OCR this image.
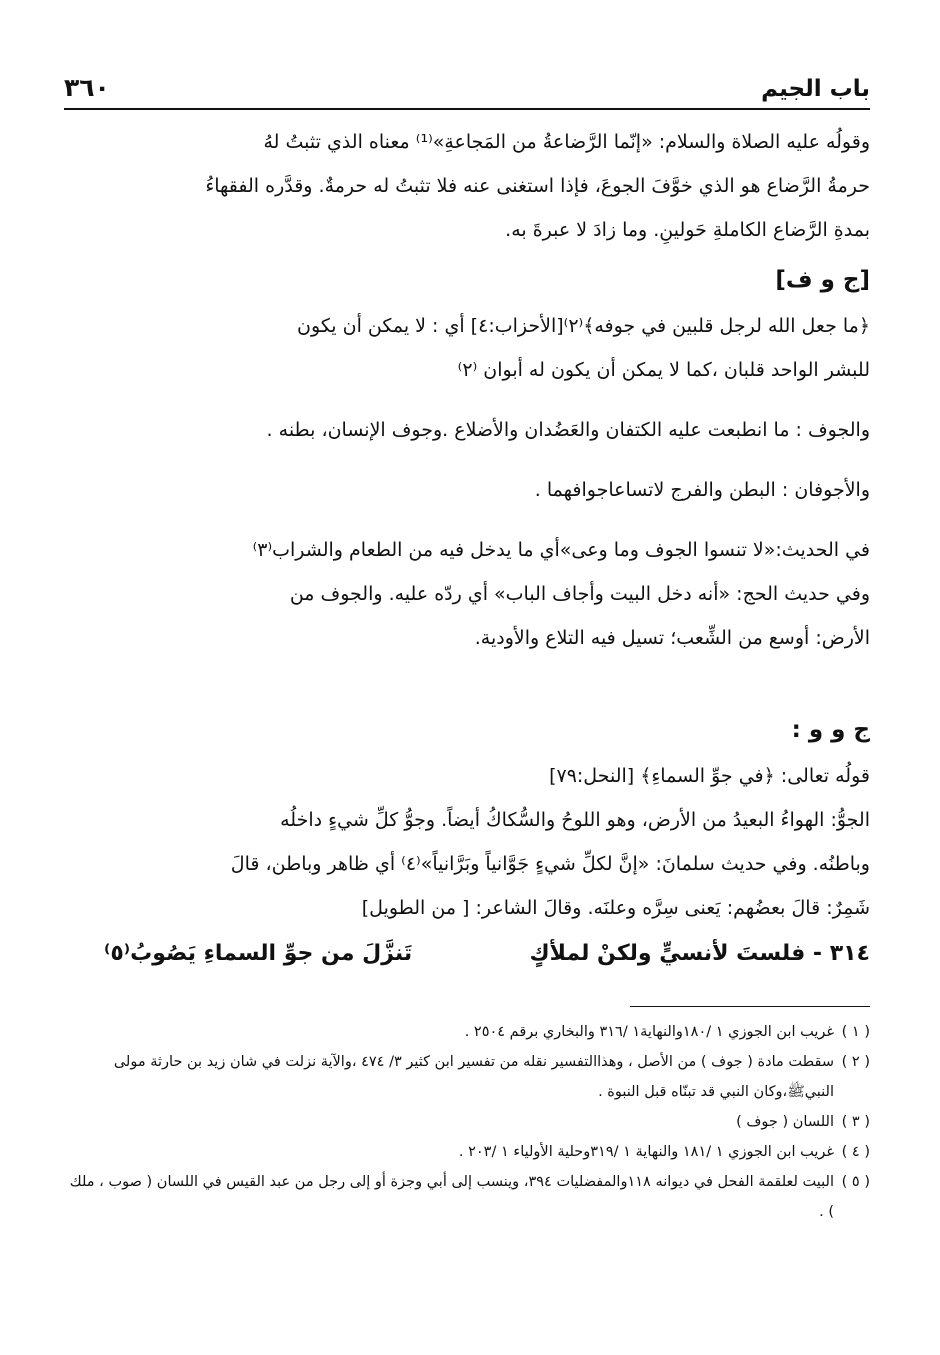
باب الجيم
٣٦٠

وقولُه عليه الصلاة والسلام: «إنّما الرَّضاعةُ من المَجاعةِ»⁽¹⁾ معناه الذي تثبتُ لهُ

حرمةُ الرَّضاع هو الذي خوَّفَ الجوعَ، فإذا استغنى عنه فلا تثبتُ له حرمةٌ. وقدَّره الفقهاءُ

بمدةِ الرَّضاع الكاملةِ حَولينِ. وما زادَ لا عبرةَ به.

[ج و ف]

﴿ما جعل الله لرجل قلبين في جوفه﴾⁽٢⁾[الأحزاب:٤] أي : لا يمكن أن يكون

للبشر الواحد قلبان ،كما لا يمكن أن يكون له أبوان ⁽٢⁾

والجوف : ما انطبعت عليه الكتفان والعَضُدان والأضلاع .وجوف الإنسان، بطنه .

والأجوفان : البطن والفرج لاتساعاجوافهما .

في الحديث:«لا تنسوا الجوف وما وعى»أي ما يدخل فيه من الطعام والشراب⁽٣⁾

وفي حديث الحج: «أنه دخل البيت وأجاف الباب» أي ردّه عليه. والجوف من

الأرض: أوسع من الشِّعب؛ تسيل فيه التلاع والأودية.

ج و و :

قولُه تعالى: ﴿في جوِّ السماءِ﴾ [النحل:٧٩]

الجوُّ: الهواءُ البعيدُ من الأرض، وهو اللوحُ والسُّكاكُ أيضاً. وجوُّ كلِّ شيءٍ داخلُه

وباطنُه. وفي حديث سلمانَ: «إنَّ لكلِّ شيءٍ جَوَّانياً وبَرَّانياً»⁽٤⁾ أي ظاهر وباطن، قالَ

شَمِرٌ: قالَ بعضُهم: يَعنى سِرَّه وعلنَه. وقالَ الشاعر: [ من الطويل]

٣١٤ - فلستَ لأنسيٍّ ولكنْ لملأكٍ
تَنزَّلَ من جوِّ السماءِ يَصُوبُ⁽٥⁾
( ١ )
غريب ابن الجوزي ١ /١٨٠والنهاية١ /٣١٦ والبخاري برقم ٢٥٠٤ .
( ٢ )
سقطت مادة ( جوف ) من الأصل ، وهذاالتفسير نقله من تفسير ابن كثير ٣/ ٤٧٤ ،والآية نزلت في شان زيد بن حارثة مولى النبيﷺ،وكان النبي قد تبنّاه قبل النبوة .
( ٣ )
اللسان ( جوف )
( ٤ )
غريب ابن الجوزي ١ /١٨١ والنهاية ١ /٣١٩وحلية الأولياء ١ /٢٠٣ .
( ٥ )
البيت لعلقمة الفحل في ديوانه ١١٨والمفضليات ٣٩٤، وينسب إلى أبي وجزة أو إلى رجل من عبد القيس في اللسان ( صوب ، ملك ) .
